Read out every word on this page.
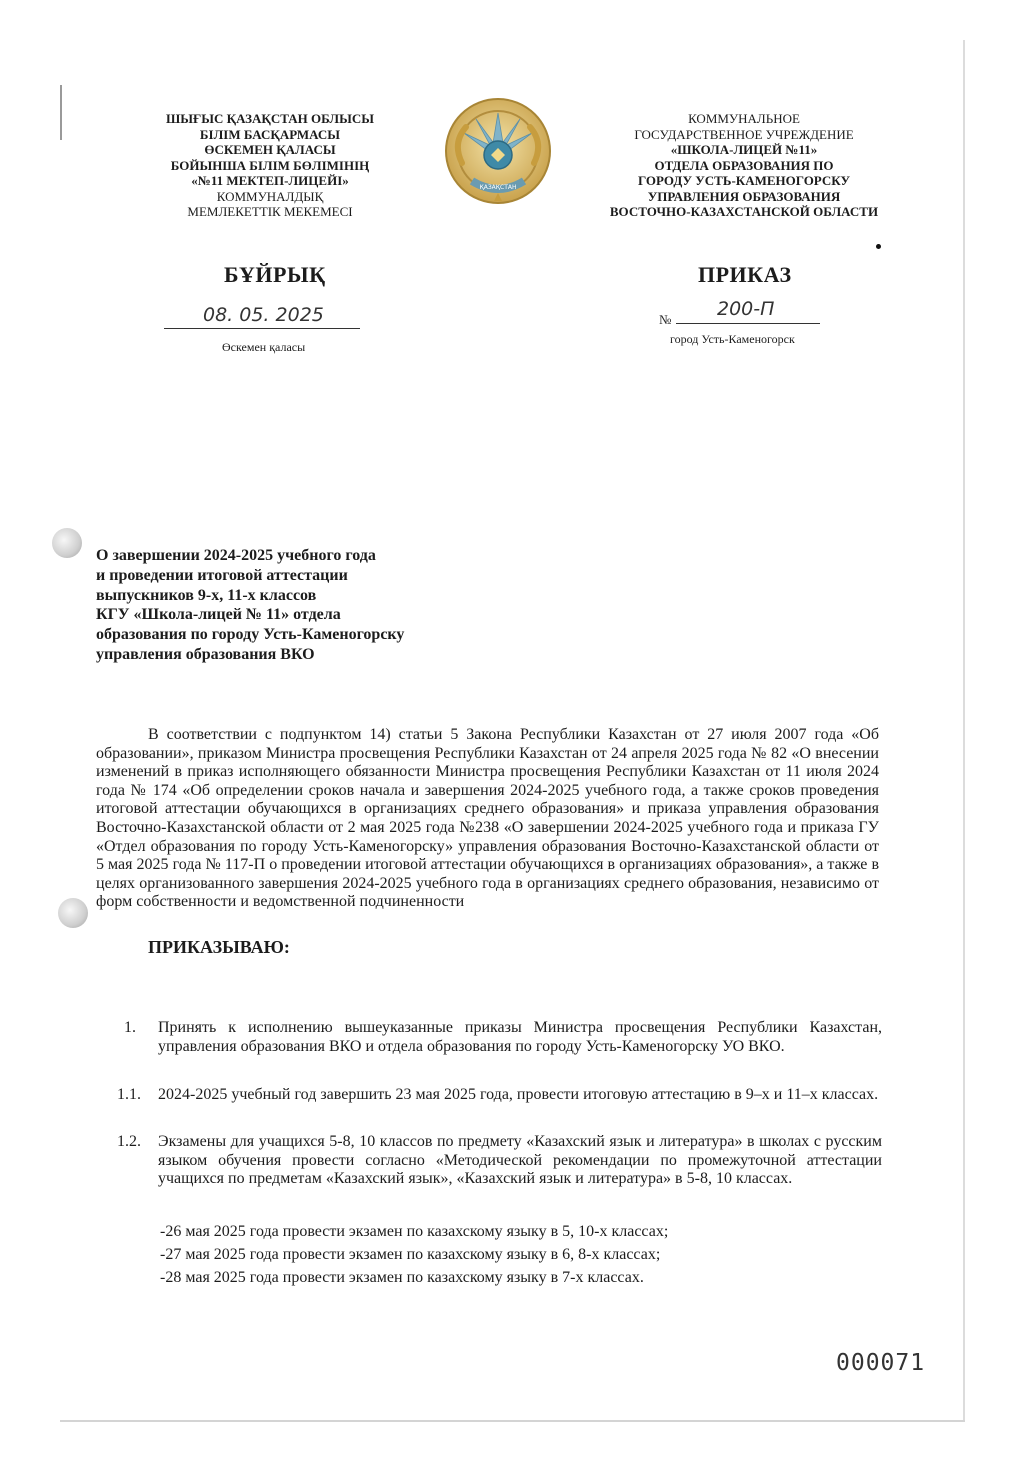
ШЫҒЫС ҚАЗАҚСТАН ОБЛЫСЫ
БІЛІМ БАСҚАРМАСЫ
ӨСКЕМЕН ҚАЛАСЫ
БОЙЫНША БІЛІМ БӨЛІМІНІҢ
«№11 МЕКТЕП-ЛИЦЕЙІ»
КОММУНАЛДЫҚ
МЕМЛЕКЕТТІК МЕКЕМЕСІ
ҚАЗАҚСТАН
КОММУНАЛЬНОЕ
ГОСУДАРСТВЕННОЕ УЧРЕЖДЕНИЕ
«ШКОЛА-ЛИЦЕЙ №11»
ОТДЕЛА ОБРАЗОВАНИЯ ПО
ГОРОДУ УСТЬ-КАМЕНОГОРСКУ
УПРАВЛЕНИЯ ОБРАЗОВАНИЯ
ВОСТОЧНО-КАЗАХСТАНСКОЙ ОБЛАСТИ
БҰЙРЫҚ	ПРИКАЗ
08. 05. 2025
Өскемен қаласы
№ 200-П
город Усть-Каменогорск
О завершении 2024-2025 учебного года
и проведении итоговой аттестации
выпускников 9-х, 11-х классов
КГУ «Школа-лицей № 11» отдела
образования по городу Усть-Каменогорску
управления образования ВКО
В соответствии с подпунктом 14) статьи 5 Закона Республики Казахстан от 27 июля 2007 года «Об образовании», приказом Министра просвещения Республики Казахстан от 24 апреля 2025 года № 82 «О внесении изменений в приказ исполняющего обязанности Министра просвещения Республики Казахстан от 11 июля 2024 года № 174 «Об определении сроков начала и завершения 2024-2025 учебного года, а также сроков проведения итоговой аттестации обучающихся в организациях среднего образования» и приказа управления образования Восточно-Казахстанской области от 2 мая 2025 года №238 «О завершении 2024-2025 учебного года и приказа ГУ «Отдел образования по городу Усть-Каменогорску» управления образования Восточно-Казахстанской области от 5 мая 2025 года № 117-П о проведении итоговой аттестации обучающихся в организациях образования», а также в целях организованного завершения 2024-2025 учебного года в организациях среднего образования, независимо от форм собственности и ведомственной подчиненности
ПРИКАЗЫВАЮ:
1. Принять к исполнению вышеуказанные приказы Министра просвещения Республики Казахстан, управления образования ВКО и отдела образования по городу Усть-Каменогорску УО ВКО.
1.1. 2024-2025 учебный год завершить 23 мая 2025 года, провести итоговую аттестацию в 9–х и 11–х классах.
1.2. Экзамены для учащихся 5-8, 10 классов по предмету «Казахский язык и литература» в школах с русским языком обучения провести согласно «Методической рекомендации по промежуточной аттестации учащихся по предметам «Казахский язык», «Казахский язык и литература» в 5-8, 10 классах.
-26 мая 2025 года провести экзамен по казахскому языку в 5, 10-х классах;
-27 мая 2025 года провести экзамен по казахскому языку в 6, 8-х классах;
-28 мая 2025 года провести экзамен по казахскому языку в 7-х классах.
000071
